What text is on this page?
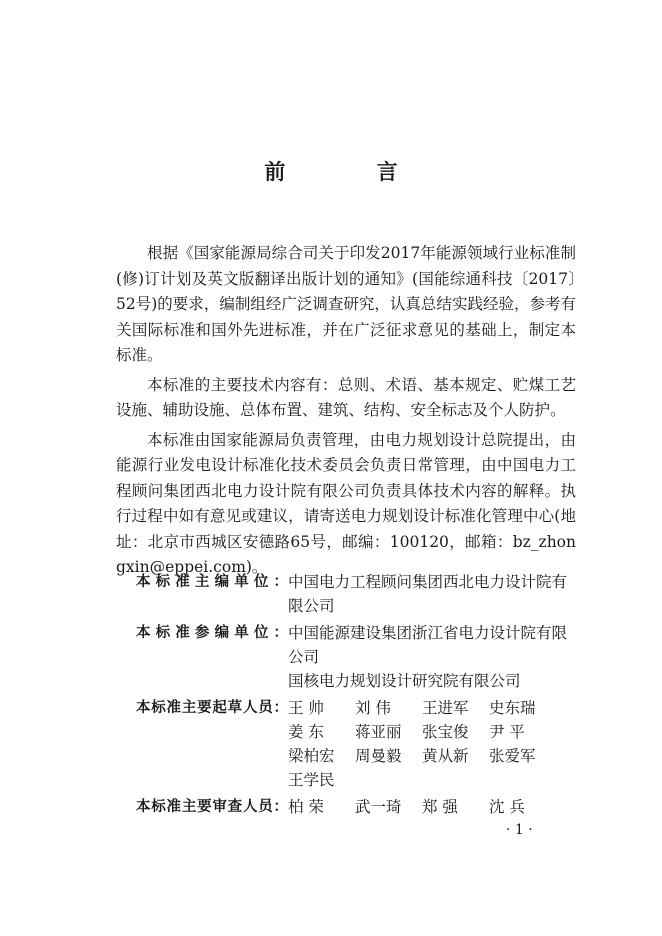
前 言

根据《国家能源局综合司关于印发2017年能源领域行业标准制(修)订计划及英文版翻译出版计划的通知》(国能综通科技〔2017〕52号)的要求，编制组经广泛调查研究，认真总结实践经验，参考有关国际标准和国外先进标准，并在广泛征求意见的基础上，制定本标准。

本标准的主要技术内容有：总则、术语、基本规定、贮煤工艺设施、辅助设施、总体布置、建筑、结构、安全标志及个人防护。

本标准由国家能源局负责管理，由电力规划设计总院提出，由能源行业发电设计标准化技术委员会负责日常管理，由中国电力工程顾问集团西北电力设计院有限公司负责具体技术内容的解释。执行过程中如有意见或建议，请寄送电力规划设计标准化管理中心(地址：北京市西城区安德路65号，邮编：100120，邮箱：bz_zhongxin@eppei.com)。

本标准主编单位： 中国电力工程顾问集团西北电力设计院有限公司
本标准参编单位： 中国能源建设集团浙江省电力设计院有限公司
国核电力规划设计研究院有限公司
本标准主要起草人员： 王 帅	刘 伟	王进军	史东瑞
姜 东	蒋亚丽	张宝俊	尹 平
梁柏宏	周曼毅	黄从新	张爱军
王学民
本标准主要审查人员： 柏 荣	武一琦	郑 强	沈 兵
· 1 ·
